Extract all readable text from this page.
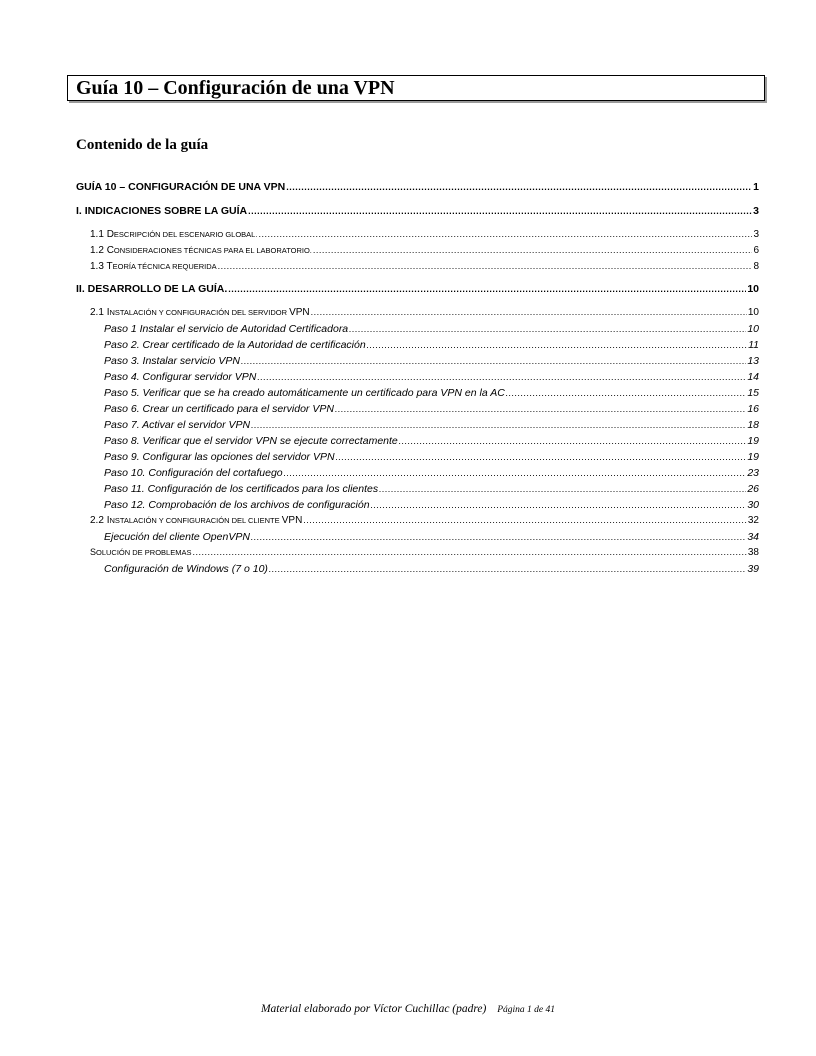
Guía 10 – Configuración de una VPN
Contenido de la guía
GUÍA 10 – CONFIGURACIÓN DE UNA VPN .....	1
I. INDICACIONES SOBRE LA GUÍA .....	3
1.1 DESCRIPCIÓN DEL ESCENARIO GLOBAL. .....	3
1.2 CONSIDERACIONES TÉCNICAS PARA EL LABORATORIO. .....	6
1.3 TEORÍA TÉCNICA REQUERIDA .....	8
II. DESARROLLO DE LA GUÍA. .....	10
2.1 INSTALACIÓN Y CONFIGURACIÓN DEL SERVIDOR VPN .....	10
Paso 1 Instalar el servicio de Autoridad Certificadora .....	10
Paso 2. Crear certificado de la Autoridad de certificación .....	11
Paso 3. Instalar servicio VPN .....	13
Paso 4. Configurar servidor VPN .....	14
Paso 5. Verificar que se ha creado automáticamente un certificado para VPN en la AC .....	15
Paso 6. Crear un certificado para el servidor VPN .....	16
Paso 7. Activar el servidor VPN .....	18
Paso 8. Verificar que el servidor VPN se ejecute correctamente .....	19
Paso 9. Configurar las opciones del servidor VPN .....	19
Paso 10. Configuración del cortafuego .....	23
Paso 11. Configuración de los certificados para los clientes .....	26
Paso 12. Comprobación de los archivos de configuración .....	30
2.2 INSTALACIÓN Y CONFIGURACIÓN DEL CLIENTE VPN .....	32
Ejecución del cliente OpenVPN .....	34
SOLUCIÓN DE PROBLEMAS .....	38
Configuración de Windows (7 o 10) .....	39
Material elaborado por Víctor Cuchillac (padre) Página 1 de 41
